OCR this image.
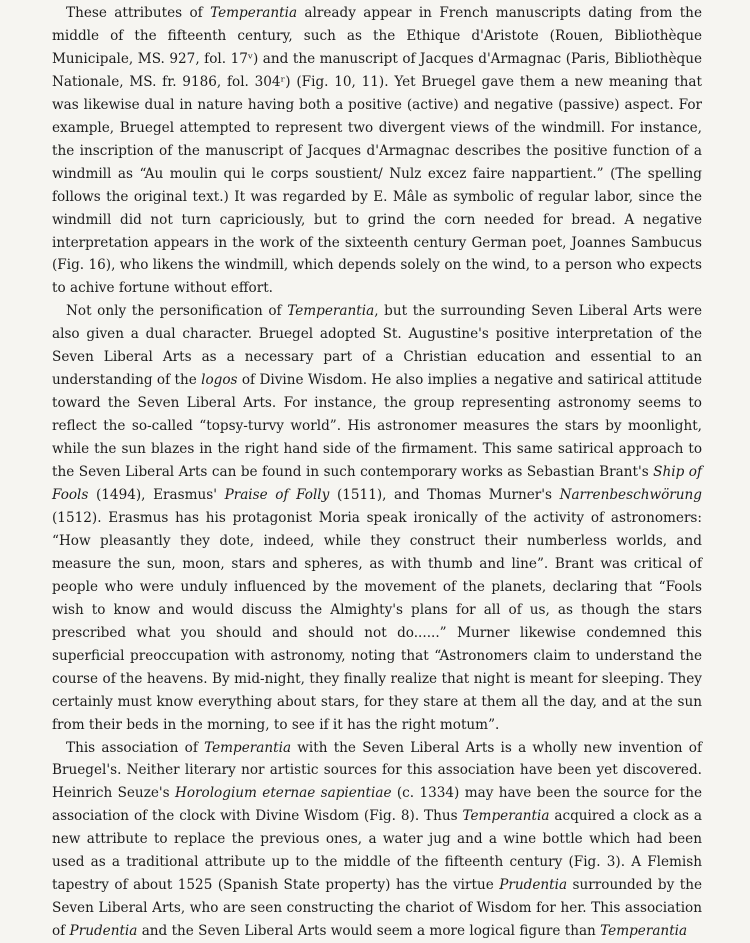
These attributes of Temperantia already appear in French manuscripts dating from the middle of the fifteenth century, such as the Ethique d'Aristote (Rouen, Bibliothèque Municipale, MS. 927, fol. 17ᵛ) and the manuscript of Jacques d'Armagnac (Paris, Bibliothèque Nationale, MS. fr. 9186, fol. 304ʳ) (Fig. 10, 11). Yet Bruegel gave them a new meaning that was likewise dual in nature having both a positive (active) and negative (passive) aspect. For example, Bruegel attempted to represent two divergent views of the windmill. For instance, the inscription of the manuscript of Jacques d'Armagnac describes the positive function of a windmill as “Au moulin qui le corps soustient/ Nulz excez faire nappartient.” (The spelling follows the original text.) It was regarded by E. Mâle as symbolic of regular labor, since the windmill did not turn capriciously, but to grind the corn needed for bread. A negative interpretation appears in the work of the sixteenth century German poet, Joannes Sambucus (Fig. 16), who likens the windmill, which depends solely on the wind, to a person who expects to achive fortune without effort.

Not only the personification of Temperantia, but the surrounding Seven Liberal Arts were also given a dual character. Bruegel adopted St. Augustine's positive interpretation of the Seven Liberal Arts as a necessary part of a Christian education and essential to an understanding of the logos of Divine Wisdom. He also implies a negative and satirical attitude toward the Seven Liberal Arts. For instance, the group representing astronomy seems to reflect the so-called “topsy-turvy world”. His astronomer measures the stars by moonlight, while the sun blazes in the right hand side of the firmament. This same satirical approach to the Seven Liberal Arts can be found in such contemporary works as Sebastian Brant's Ship of Fools (1494), Erasmus' Praise of Folly (1511), and Thomas Murner's Narrenbeschwörung (1512). Erasmus has his protagonist Moria speak ironically of the activity of astronomers: “How pleasantly they dote, indeed, while they construct their numberless worlds, and measure the sun, moon, stars and spheres, as with thumb and line”. Brant was critical of people who were unduly influenced by the movement of the planets, declaring that “Fools wish to know and would discuss the Almighty's plans for all of us, as though the stars prescribed what you should and should not do......” Murner likewise condemned this superficial preoccupation with astronomy, noting that “Astronomers claim to understand the course of the heavens. By mid-night, they finally realize that night is meant for sleeping. They certainly must know everything about stars, for they stare at them all the day, and at the sun from their beds in the morning, to see if it has the right motum”.

This association of Temperantia with the Seven Liberal Arts is a wholly new invention of Bruegel's. Neither literary nor artistic sources for this association have been yet discovered. Heinrich Seuze's Horologium eternae sapientiae (c. 1334) may have been the source for the association of the clock with Divine Wisdom (Fig. 8). Thus Temperantia acquired a clock as a new attribute to replace the previous ones, a water jug and a wine bottle which had been used as a traditional attribute up to the middle of the fifteenth century (Fig. 3). A Flemish tapestry of about 1525 (Spanish State property) has the virtue Prudentia surrounded by the Seven Liberal Arts, who are seen constructing the chariot of Wisdom for her. This association of Prudentia and the Seven Liberal Arts would seem a more logical figure than Temperantia
